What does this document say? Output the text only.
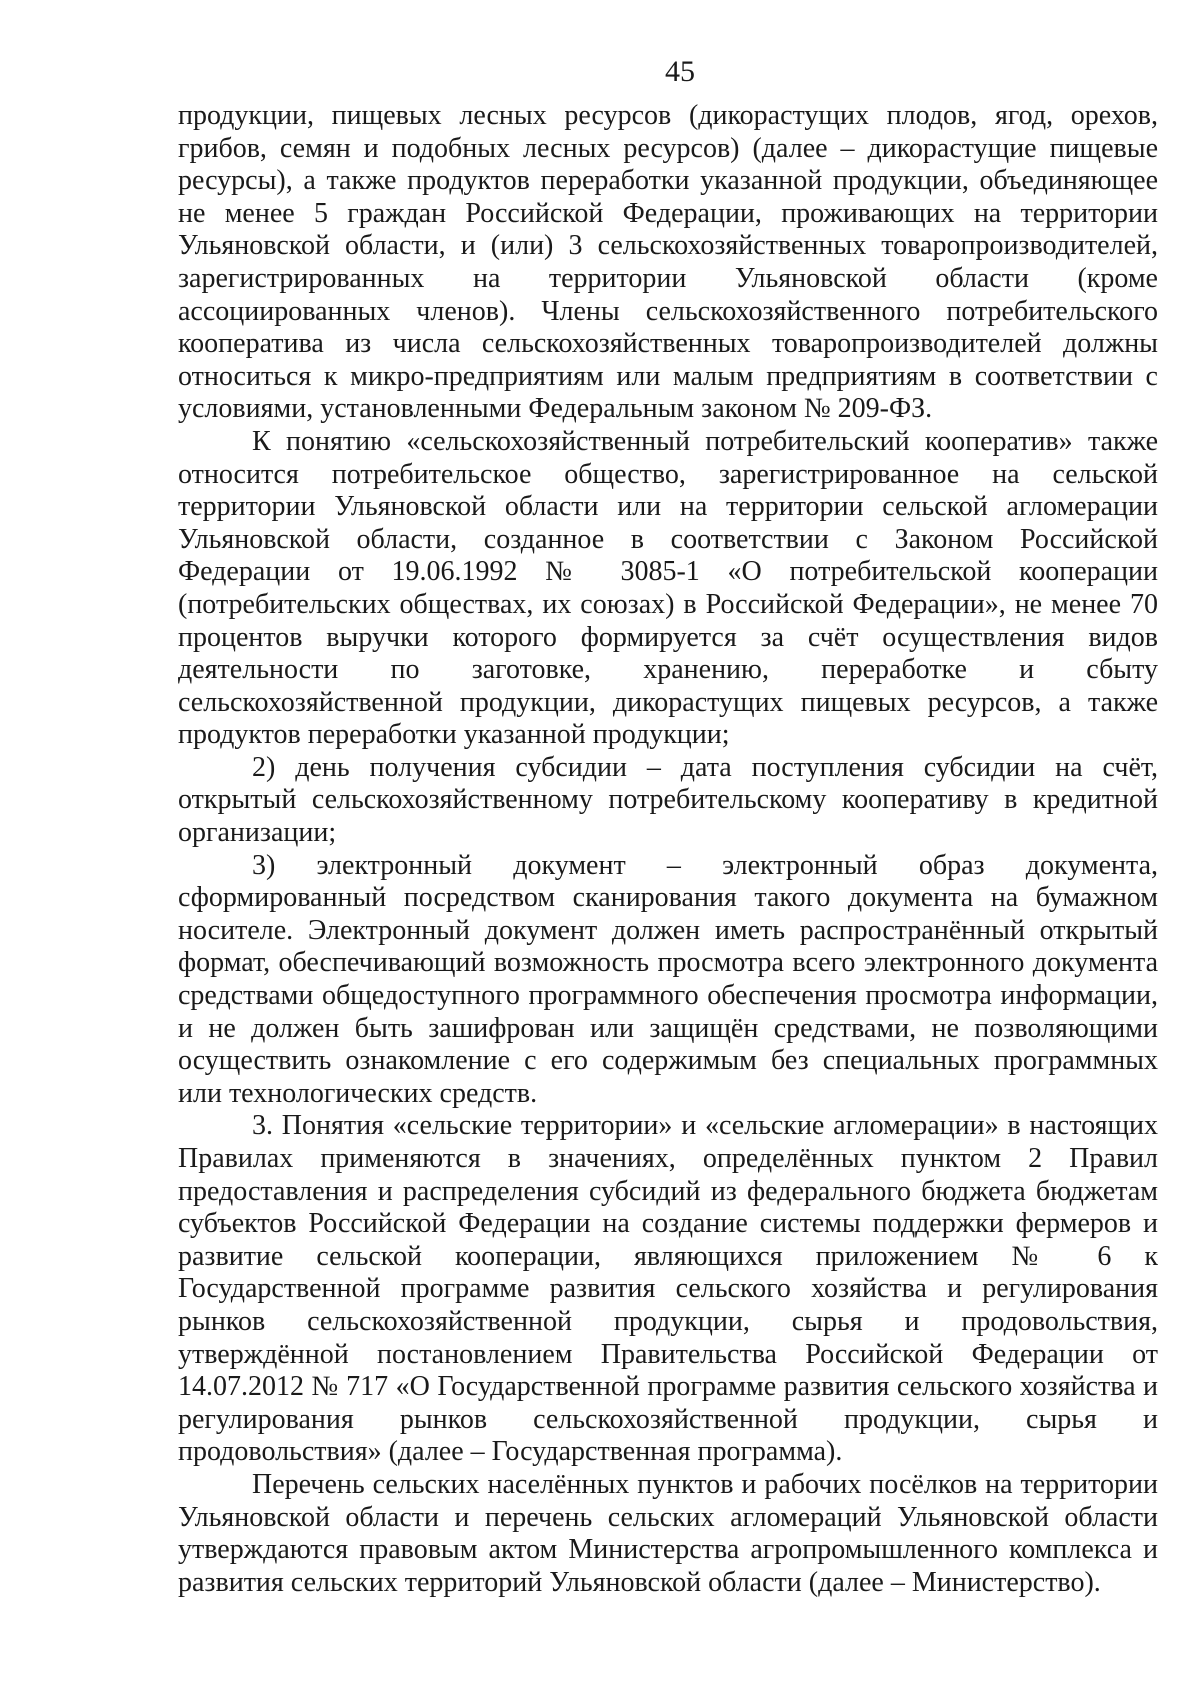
45

продукции, пищевых лесных ресурсов (дикорастущих плодов, ягод, орехов, грибов, семян и подобных лесных ресурсов) (далее – дикорастущие пищевые ресурсы), а также продуктов переработки указанной продукции, объединяющее не менее 5 граждан Российской Федерации, проживающих на территории Ульяновской области, и (или) 3 сельскохозяйственных товаропроизводителей, зарегистрированных на территории Ульяновской области (кроме ассоциированных членов). Члены сельскохозяйственного потребительского кооператива из числа сельскохозяйственных товаропроизводителей должны относиться к микро-предприятиям или малым предприятиям в соответствии с условиями, установленными Федеральным законом № 209-ФЗ.

К понятию «сельскохозяйственный потребительский кооператив» также относится потребительское общество, зарегистрированное на сельской территории Ульяновской области или на территории сельской агломерации Ульяновской области, созданное в соответствии с Законом Российской Федерации от 19.06.1992 № 3085-1 «О потребительской кооперации (потребительских обществах, их союзах) в Российской Федерации», не менее 70 процентов выручки которого формируется за счёт осуществления видов деятельности по заготовке, хранению, переработке и сбыту сельскохозяйственной продукции, дикорастущих пищевых ресурсов, а также продуктов переработки указанной продукции;

2) день получения субсидии – дата поступления субсидии на счёт, открытый сельскохозяйственному потребительскому кооперативу в кредитной организации;

3) электронный документ – электронный образ документа, сформированный посредством сканирования такого документа на бумажном носителе. Электронный документ должен иметь распространённый открытый формат, обеспечивающий возможность просмотра всего электронного документа средствами общедоступного программного обеспечения просмотра информации, и не должен быть зашифрован или защищён средствами, не позволяющими осуществить ознакомление с его содержимым без специальных программных или технологических средств.

3. Понятия «сельские территории» и «сельские агломерации» в настоящих Правилах применяются в значениях, определённых пунктом 2 Правил предоставления и распределения субсидий из федерального бюджета бюджетам субъектов Российской Федерации на создание системы поддержки фермеров и развитие сельской кооперации, являющихся приложением № 6 к Государственной программе развития сельского хозяйства и регулирования рынков сельскохозяйственной продукции, сырья и продовольствия, утверждённой постановлением Правительства Российской Федерации от 14.07.2012 № 717 «О Государственной программе развития сельского хозяйства и регулирования рынков сельскохозяйственной продукции, сырья и продовольствия» (далее – Государственная программа).

Перечень сельских населённых пунктов и рабочих посёлков на территории Ульяновской области и перечень сельских агломераций Ульяновской области утверждаются правовым актом Министерства агропромышленного комплекса и развития сельских территорий Ульяновской области (далее – Министерство).
